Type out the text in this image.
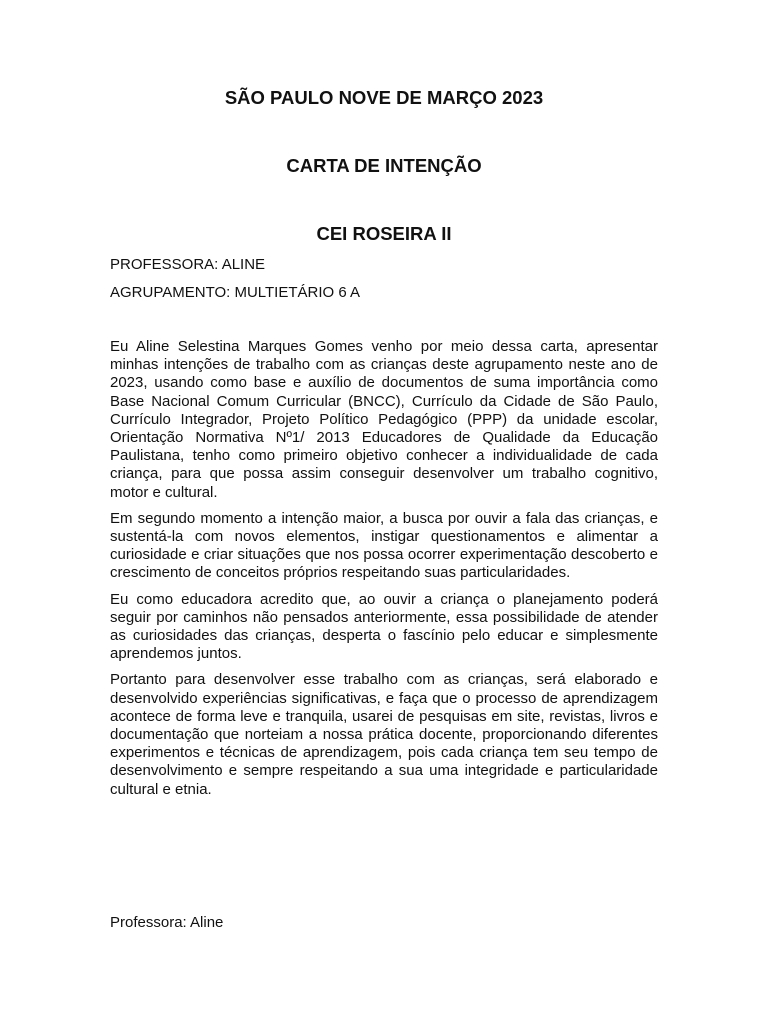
SÃO PAULO NOVE DE MARÇO 2023
CARTA DE INTENÇÃO
CEI ROSEIRA II

PROFESSORA: ALINE

AGRUPAMENTO: MULTIETÁRIO 6 A

Eu Aline Selestina Marques Gomes venho por meio dessa carta, apresentar minhas intenções de trabalho com as crianças deste agrupamento neste ano de 2023, usando como base e auxílio de documentos de suma importância como Base Nacional Comum Curricular (BNCC), Currículo da Cidade de São Paulo, Currículo Integrador, Projeto Político Pedagógico (PPP) da unidade escolar, Orientação Normativa Nº1/ 2013 Educadores de Qualidade da Educação Paulistana, tenho como primeiro objetivo conhecer a individualidade de cada criança, para que possa assim conseguir desenvolver um trabalho cognitivo, motor e cultural.

Em segundo momento a intenção maior, a busca por ouvir a fala das crianças, e sustentá-la com novos elementos, instigar questionamentos e alimentar a curiosidade e criar situações que nos possa ocorrer experimentação descoberto e crescimento de conceitos próprios respeitando suas particularidades.

Eu como educadora acredito que, ao ouvir a criança o planejamento poderá seguir por caminhos não pensados anteriormente, essa possibilidade de atender as curiosidades das crianças, desperta o fascínio pelo educar e simplesmente aprendemos juntos.

Portanto para desenvolver esse trabalho com as crianças, será elaborado e desenvolvido experiências significativas, e faça que o processo de aprendizagem acontece de forma leve e tranquila, usarei de pesquisas em site, revistas, livros e documentação que norteiam a nossa prática docente, proporcionando diferentes experimentos e técnicas de aprendizagem, pois cada criança tem seu tempo de desenvolvimento e sempre respeitando a sua uma integridade e particularidade cultural e etnia.

Professora: Aline
